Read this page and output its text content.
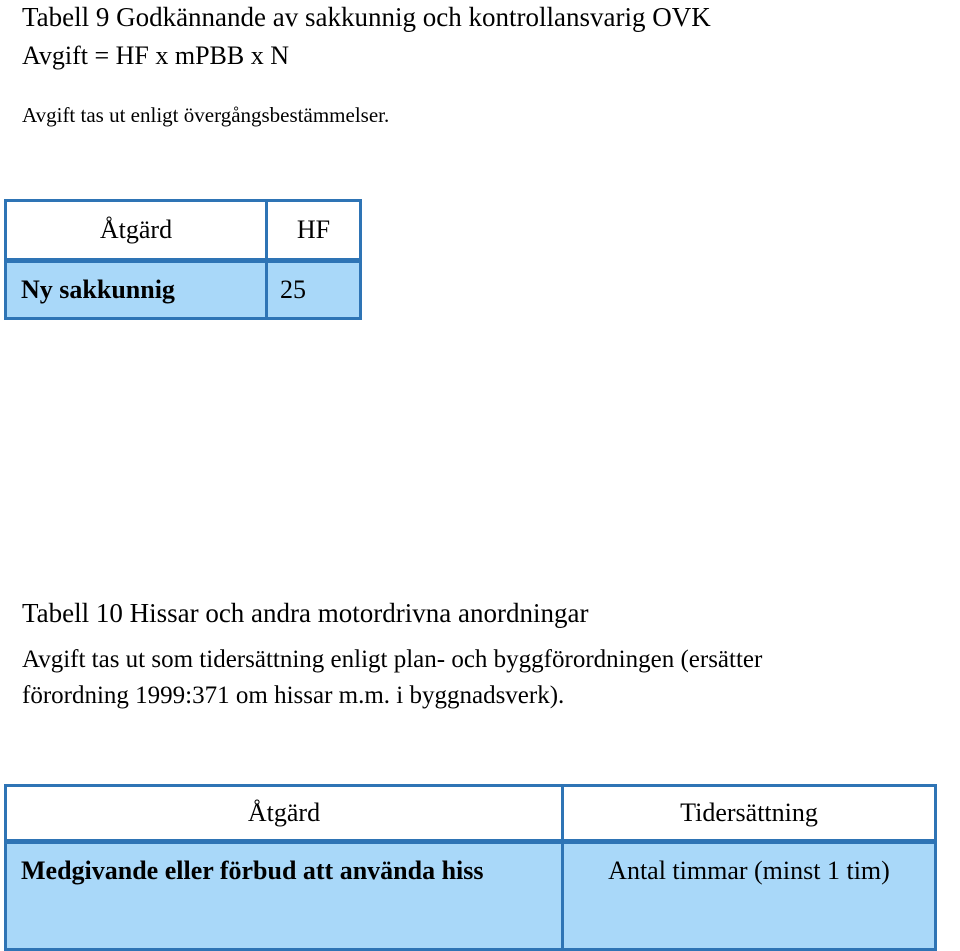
Tabell 9 Godkännande av sakkunnig och kontrollansvarig OVK
Avgift = HF x mPBB x N
Avgift tas ut enligt övergångsbestämmelser.
Åtgärd	HF
Ny sakkunnig	25
Tabell 10 Hissar och andra motordrivna anordningar
Avgift tas ut som tidersättning enligt plan- och byggförordningen (ersätter
förordning 1999:371 om hissar m.m. i byggnadsverk).
Åtgärd	Tidersättning
Medgivande eller förbud att använda hiss	Antal timmar (minst 1 tim)
